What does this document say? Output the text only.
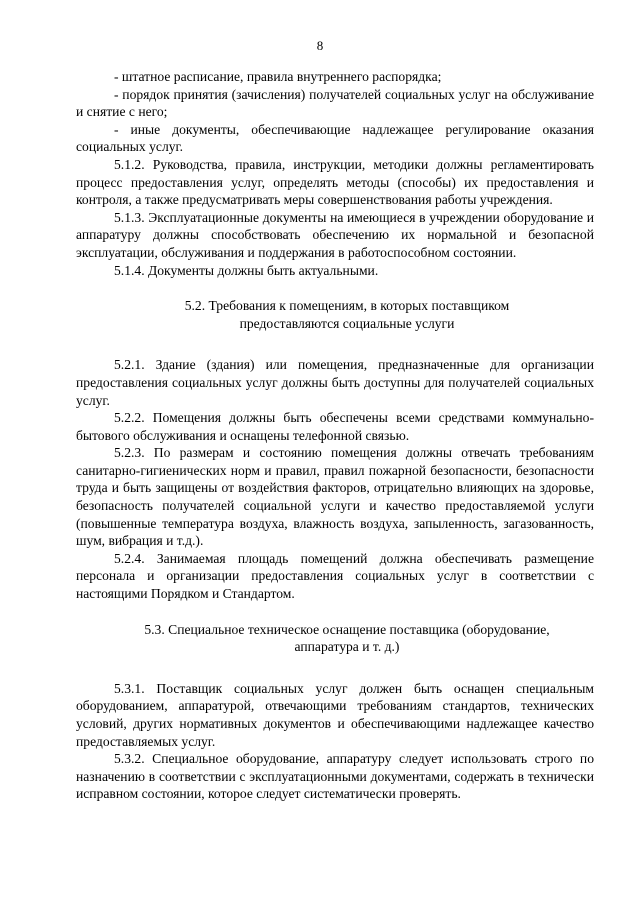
8

- штатное расписание, правила внутреннего распорядка;

- порядок принятия (зачисления) получателей социальных услуг на обслуживание и снятие с него;

- иные документы, обеспечивающие надлежащее регулирование оказания социальных услуг.

5.1.2. Руководства, правила, инструкции, методики должны регламентировать процесс предоставления услуг, определять методы (способы) их предоставления и контроля, а также предусматривать меры совершенствования работы учреждения.

5.1.3. Эксплуатационные документы на имеющиеся в учреждении оборудование и аппаратуру должны способствовать обеспечению их нормальной и безопасной эксплуатации, обслуживания и поддержания в работоспособном состоянии.

5.1.4. Документы должны быть актуальными.

5.2. Требования к помещениям, в которых поставщиком

предоставляются социальные услуги

5.2.1. Здание (здания) или помещения, предназначенные для организации предоставления социальных услуг должны быть доступны для получателей социальных услуг.

5.2.2. Помещения должны быть обеспечены всеми средствами коммунально-бытового обслуживания и оснащены телефонной связью.

5.2.3. По размерам и состоянию помещения должны отвечать требованиям санитарно-гигиенических норм и правил, правил пожарной безопасности, безопасности труда и быть защищены от воздействия факторов, отрицательно влияющих на здоровье, безопасность получателей социальной услуги и качество предоставляемой услуги (повышенные температура воздуха, влажность воздуха, запыленность, загазованность, шум, вибрация и т.д.).

5.2.4. Занимаемая площадь помещений должна обеспечивать размещение персонала и организации предоставления социальных услуг в соответствии с настоящими Порядком и Стандартом.

5.3. Специальное техническое оснащение поставщика (оборудование,

аппаратура и т. д.)

5.3.1. Поставщик социальных услуг должен быть оснащен специальным оборудованием, аппаратурой, отвечающими требованиям стандартов, технических условий, других нормативных документов и обеспечивающими надлежащее качество предоставляемых услуг.

5.3.2. Специальное оборудование, аппаратуру следует использовать строго по назначению в соответствии с эксплуатационными документами, содержать в технически исправном состоянии, которое следует систематически проверять.
